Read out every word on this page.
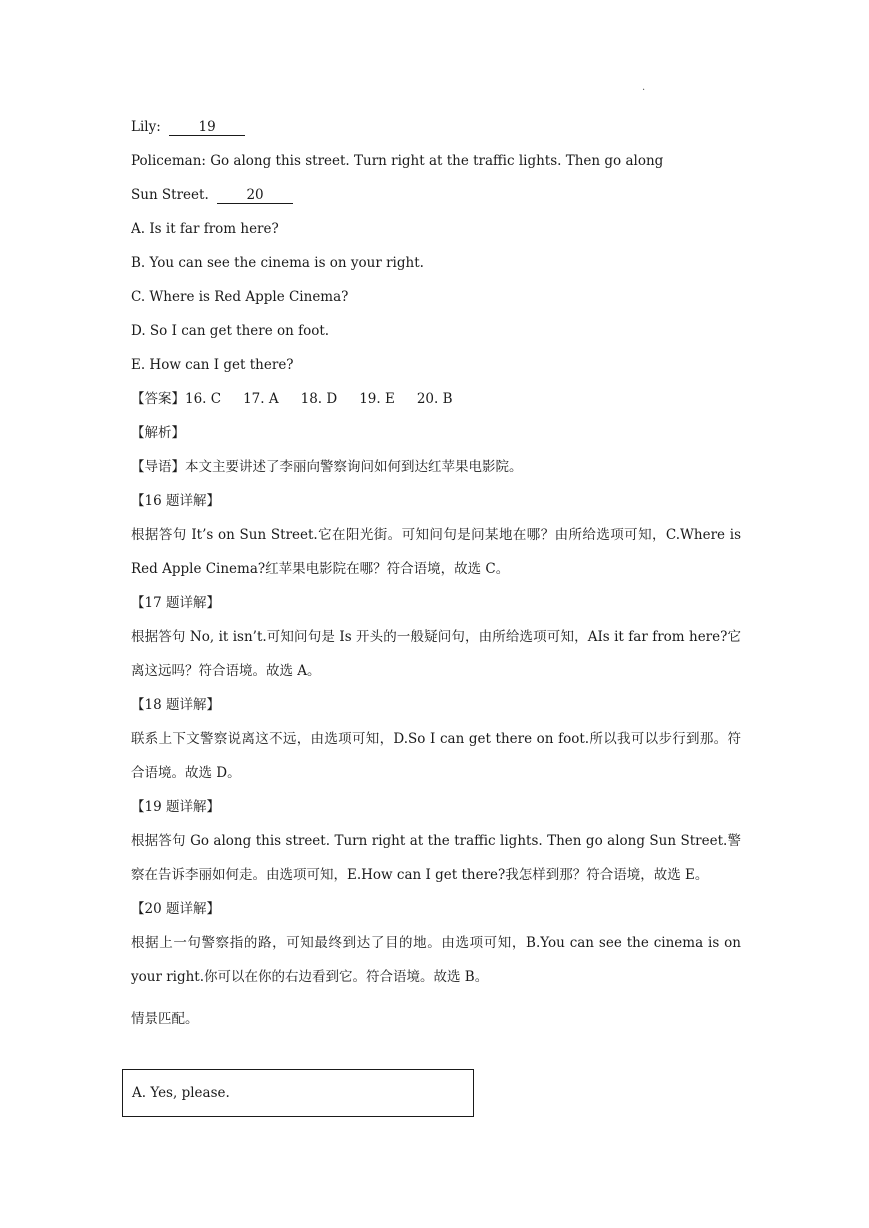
.
Lily:	19
Policeman: Go along this street. Turn right at the traffic lights. Then go along
Sun Street.	20
A. Is it far from here?
B. You can see the cinema is on your right.
C. Where is Red Apple Cinema?
D. So I can get there on foot.
E. How can I get there?
【答案】16. C 17. A 18. D 19. E 20. B
【解析】
【导语】本文主要讲述了李丽向警察询问如何到达红苹果电影院。
【16 题详解】
根据答句 It’s on Sun Street.它在阳光街。可知问句是问某地在哪？由所给选项可知，C.Where is Red Apple Cinema?红苹果电影院在哪？符合语境，故选 C。
【17 题详解】
根据答句 No, it isn’t.可知问句是 Is 开头的一般疑问句，由所给选项可知，AIs it far from here?它离这远吗？符合语境。故选 A。
【18 题详解】
联系上下文警察说离这不远，由选项可知，D.So I can get there on foot.所以我可以步行到那。符合语境。故选 D。
【19 题详解】
根据答句 Go along this street. Turn right at the traffic lights. Then go along Sun Street.警察在告诉李丽如何走。由选项可知，E.How can I get there?我怎样到那？符合语境，故选 E。
【20 题详解】
根据上一句警察指的路，可知最终到达了目的地。由选项可知，B.You can see the cinema is on your right.你可以在你的右边看到它。符合语境。故选 B。
情景匹配。
A. Yes, please.
